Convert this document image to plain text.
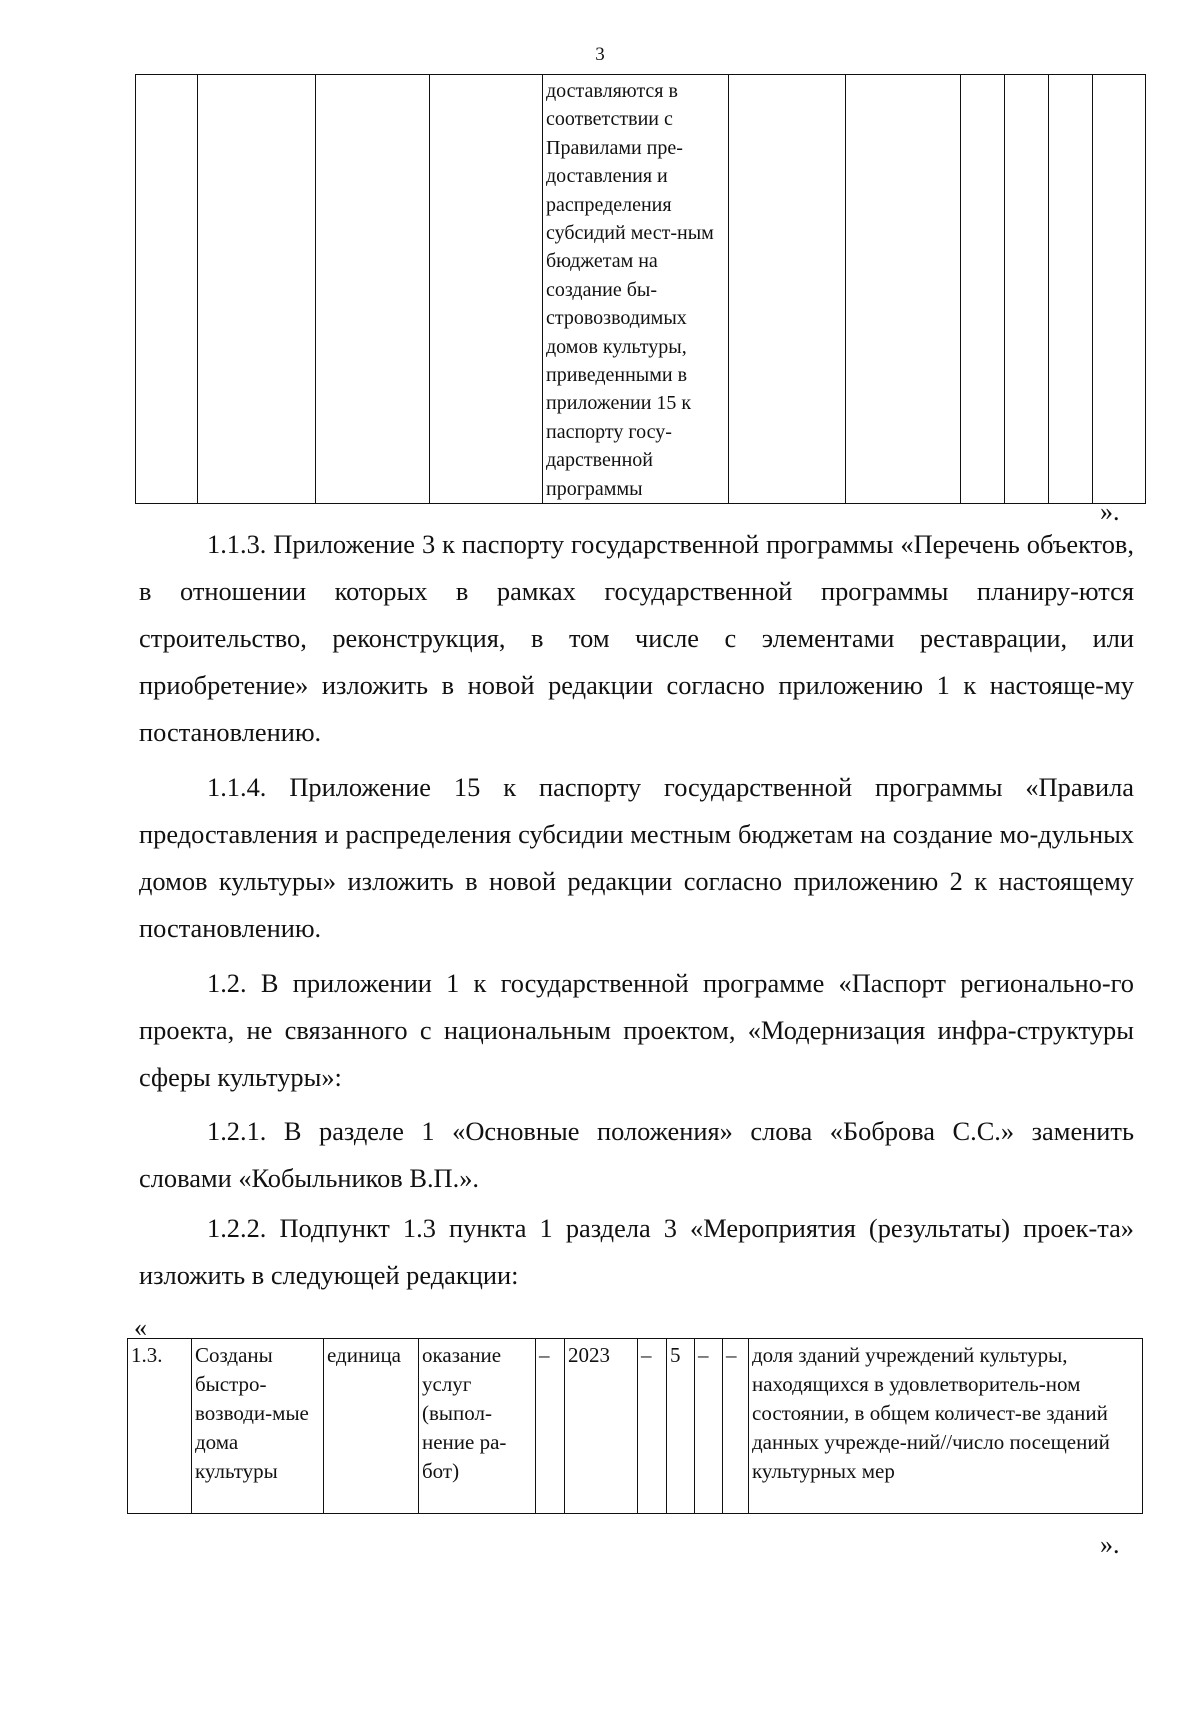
3

доставляются в соответствии с Правилами пре-доставления и распределения субсидий мест-ным бюджетам на создание бы-стровозводимых домов культуры, приведенными в приложении 15 к паспорту госу-дарственной программы

».
1.1.3. Приложение 3 к паспорту государственной программы «Перечень объектов, в отношении которых в рамках государственной программы планиру-ются строительство, реконструкция, в том числе с элементами реставрации, или приобретение» изложить в новой редакции согласно приложению 1 к настояще-му постановлению.
1.1.4. Приложение 15 к паспорту государственной программы «Правила предоставления и распределения субсидии местным бюджетам на создание мо-дульных домов культуры» изложить в новой редакции согласно приложению 2 к настоящему постановлению.
1.2. В приложении 1 к государственной программе «Паспорт регионально-го проекта, не связанного с национальным проектом, «Модернизация инфра-структуры сферы культуры»:
1.2.1. В разделе 1 «Основные положения» слова «Боброва С.С.» заменить словами «Кобыльников В.П.».
1.2.2. Подпункт 1.3 пункта 1 раздела 3 «Мероприятия (результаты) проек-та» изложить в следующей редакции:
«
1.3.	Созданы быстро-возводи-мые дома культуры	единица	оказание услуг (выпол-нение ра-бот)	–	2023	–	5	–	–	доля зданий учреждений культуры, находящихся в удовлетворитель-ном состоянии, в общем количест-ве зданий данных учрежде-ний//число посещений культурных мер
».
